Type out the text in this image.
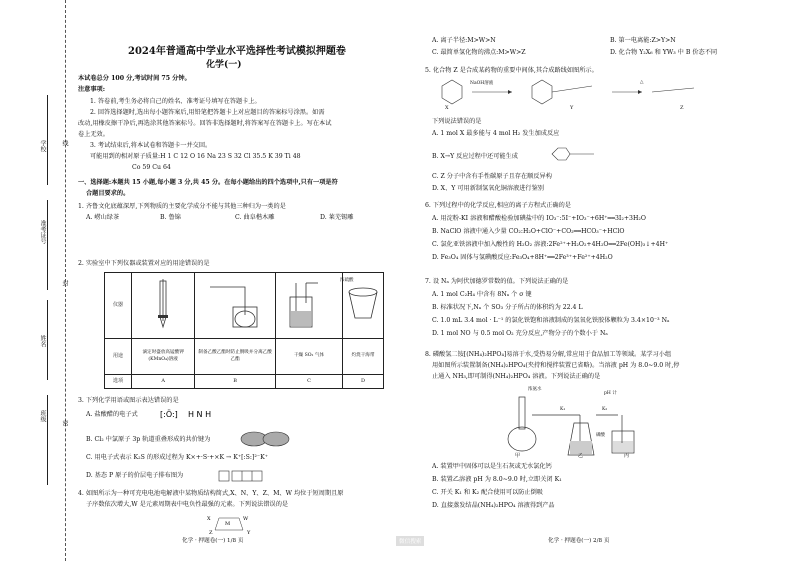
学校
准考证号
姓名
班级
线
封
密
2024年普通高中学业水平选择性考试模拟押题卷
化学(一)
本试卷总分 100 分,考试时间 75 分钟。
注意事项:
1. 答卷前,考生务必将自己的姓名、准考证号填写在答题卡上。
2. 回答选择题时,选出每小题答案后,用铅笔把答题卡上对应题目的答案标号涂黑。如需
改动,用橡皮擦干净后,再选涂其他答案标号。回答非选择题时,将答案写在答题卡上。写在本试
卷上无效。
3. 考试结束后,将本试卷和答题卡一并交回。
可能用到的相对原子质量:H 1 C 12 O 16 Na 23 S 32 Cl 35.5 K 39 Ti 48
Co 59 Cu 64
一、选择题:本题共 15 小题,每小题 3 分,共 45 分。在每小题给出的四个选项中,只有一项是符
合题目要求的。
1. 齐鲁文化底蕴深厚,下列物质的主要化学成分不能与其他三种归为一类的是
A. 崂山绿茶	B. 鲁锦	C. 曲阜楷木雕	D. 莱芜锡雕
2. 实验室中下列仪器或装置对应的用途错误的是
仪器			浓硫酸

用途	滴定时盛放高锰酸钾(KMnO₄)溶液	制备乙酸乙酯时防止倒吸并分离乙酸乙酯	干燥 SO₂ 气体	灼烧干海带
选项	A	B	C	D
3. 下列化学用语或图示表达错误的是
A. 盐酸醋的电子式	[:Ö:] H N H
B. Cl₂ 中氯原子 3p 轨道重叠形成的共价键为
C. 用电子式表示 K₂S 的形成过程为 K×+·S·+×K → K⁺[:S:]²⁻K⁺
D. 基态 P 原子的价层电子排布图为
4. 如图所示为一种可充电电池电解液中某物质结构简式,X、N、Y、Z、M、W 均位于短周期且原
子序数依次增大,W 是元素周期表中电负性最强的元素。下列说法错误的是
X	W
M
Z	Y
化学 · 押题卷(一) 1/8 页	微信搜索
A. 离子半径:M>W>N	B. 第一电离能:Z>Y>N
C. 最简单氢化物的沸点:M>W>Z	D. 化合物 Y₂X₆ 和 YW₃ 中 B 价态不同
5. 化合物 Z 是合成某药物的重要中间体,其合成路线如图所示。
X	Y	Z
NaOH溶液	△
下列说法错误的是
A. 1 mol X 最多能与 4 mol H₂ 发生加成反应
B. X→Y 反应过程中还可能生成
C. Z 分子中含有手性碳原子且存在顺反异构
D. X、Y 可用新制氢氧化铜溶液进行鉴别
6. 下列过程中的化学反应,相应的离子方程式正确的是
A. 用淀粉-KI 溶液和醋酸检验加碘盐中的 IO₃⁻:5I⁻+IO₃⁻+6H⁺══3I₂+3H₂O
B. NaClO 溶液中通入少量 CO₂:H₂O+ClO⁻+CO₂══HCO₃⁻+HClO
C. 氯化亚铁溶液中加入酸性的 H₂O₂ 溶液:2Fe²⁺+H₂O₂+4H₂O══2Fe(OH)₃↓+4H⁺
D. Fe₃O₄ 固体与氢碘酸反应:Fe₃O₄+8H⁺══2Fe³⁺+Fe²⁺+4H₂O
7. 设 Nₐ 为阿伏加德罗常数的值。下列说法正确的是
A. 1 mol C₂H₄ 中含有 8Nₐ 个 σ 键
B. 标准状况下,Nₐ 个 SO₃ 分子所占的体积约为 22.4 L
C. 1.0 mL 3.4 mol · L⁻¹ 的氯化铁饱和溶液制成的氢氧化铁胶体颗粒为 3.4×10⁻³ Nₐ
D. 1 mol NO 与 0.5 mol O₂ 充分反应,产物分子的个数小于 Nₐ
8. 磷酸氢二铵[(NH₄)₂HPO₄]易溶于水,受热易分解,常应用于食品加工等领域。某学习小组
用如图所示装置制备(NH₄)₂HPO₄(夹持和搅拌装置已省略)。当溶液 pH 为 8.0~9.0 时,停
止通入 NH₃,即可制得(NH₄)₂HPO₄ 溶液。下列说法正确的是
浓氨水
甲	乙	丙
K₁	K₂
磷酸
pH 计
A. 装置甲中固体可以是生石灰或无水氯化钙
B. 装置乙溶液 pH 为 8.0~9.0 时,立即关闭 K₁
C. 开关 K₁ 和 K₂ 配合使用可以防止倒吸
D. 直接蒸发结晶(NH₄)₂HPO₄ 溶液得到产品
化学 · 押题卷(一) 2/8 页
